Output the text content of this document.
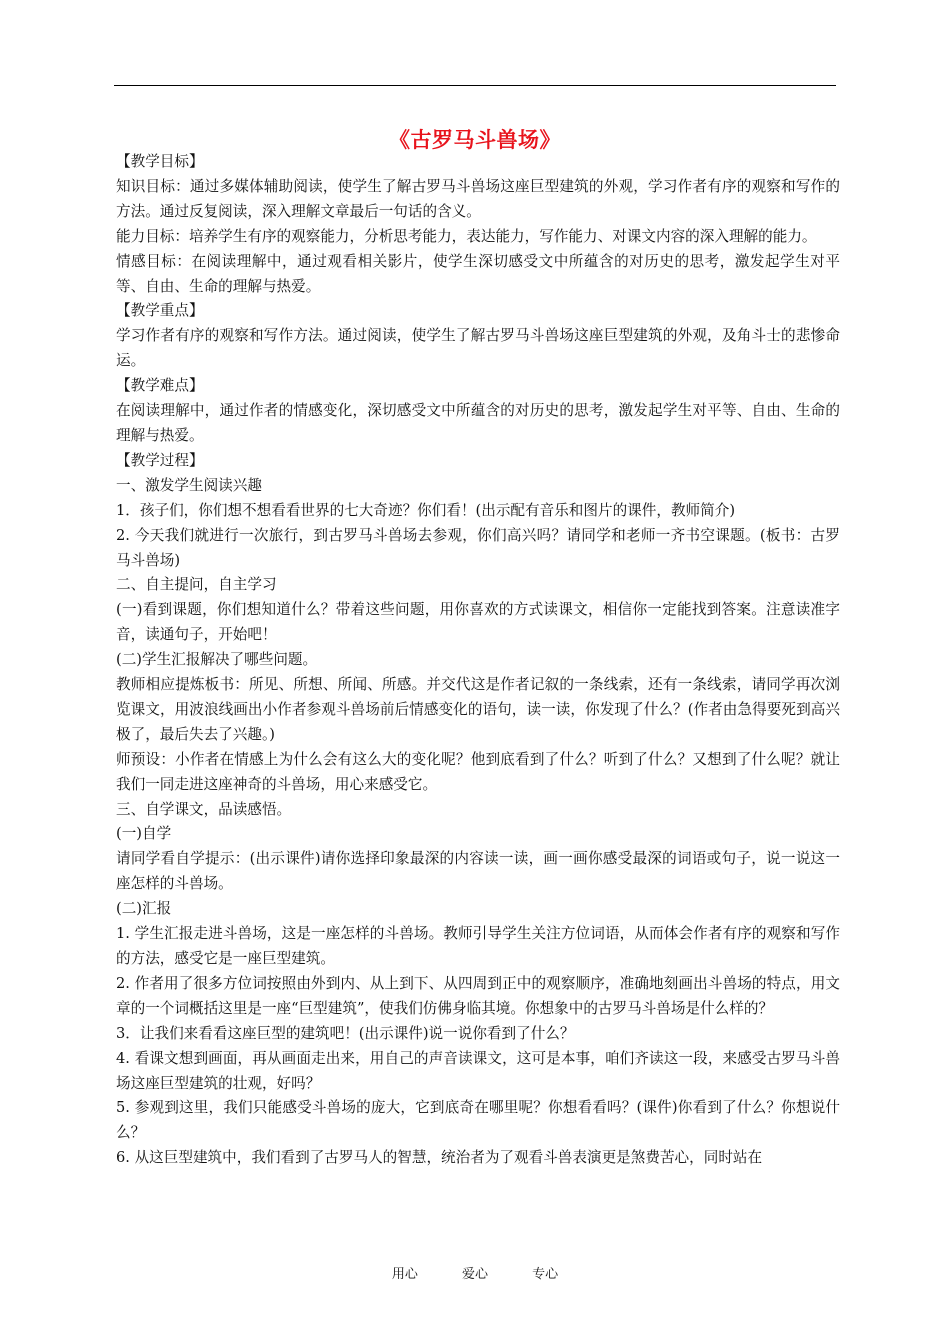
《古罗马斗兽场》

【教学目标】

知识目标：通过多媒体辅助阅读，使学生了解古罗马斗兽场这座巨型建筑的外观，学习作者有序的观察和写作的方法。通过反复阅读，深入理解文章最后一句话的含义。

能力目标：培养学生有序的观察能力，分析思考能力，表达能力，写作能力、对课文内容的深入理解的能力。

情感目标：在阅读理解中，通过观看相关影片，使学生深切感受文中所蕴含的对历史的思考，激发起学生对平等、自由、生命的理解与热爱。

【教学重点】

学习作者有序的观察和写作方法。通过阅读，使学生了解古罗马斗兽场这座巨型建筑的外观，及角斗士的悲惨命运。

【教学难点】

在阅读理解中，通过作者的情感变化，深切感受文中所蕴含的对历史的思考，激发起学生对平等、自由、生命的理解与热爱。

【教学过程】

一、激发学生阅读兴趣

1．孩子们，你们想不想看看世界的七大奇迹？你们看！(出示配有音乐和图片的课件，教师简介)

2. 今天我们就进行一次旅行，到古罗马斗兽场去参观，你们高兴吗？请同学和老师一齐书空课题。(板书：古罗马斗兽场)

二、自主提问，自主学习

(一)看到课题，你们想知道什么？带着这些问题，用你喜欢的方式读课文，相信你一定能找到答案。注意读准字音，读通句子，开始吧！

(二)学生汇报解决了哪些问题。

教师相应提炼板书：所见、所想、所闻、所感。并交代这是作者记叙的一条线索，还有一条线索，请同学再次浏览课文，用波浪线画出小作者参观斗兽场前后情感变化的语句，读一读，你发现了什么？(作者由急得要死到高兴极了，最后失去了兴趣。)

师预设：小作者在情感上为什么会有这么大的变化呢？他到底看到了什么？听到了什么？又想到了什么呢？就让我们一同走进这座神奇的斗兽场，用心来感受它。

三、自学课文，品读感悟。

(一)自学

请同学看自学提示：(出示课件)请你选择印象最深的内容读一读，画一画你感受最深的词语或句子，说一说这一座怎样的斗兽场。

(二)汇报

1. 学生汇报走进斗兽场，这是一座怎样的斗兽场。教师引导学生关注方位词语，从而体会作者有序的观察和写作的方法，感受它是一座巨型建筑。

2. 作者用了很多方位词按照由外到内、从上到下、从四周到正中的观察顺序，准确地刻画出斗兽场的特点，用文章的一个词概括这里是一座“巨型建筑”，使我们仿佛身临其境。你想象中的古罗马斗兽场是什么样的？

3．让我们来看看这座巨型的建筑吧！(出示课件)说一说你看到了什么？

4. 看课文想到画面，再从画面走出来，用自己的声音读课文，这可是本事，咱们齐读这一段，来感受古罗马斗兽场这座巨型建筑的壮观，好吗？

5. 参观到这里，我们只能感受斗兽场的庞大，它到底奇在哪里呢？你想看看吗？(课件)你看到了什么？你想说什么？

6. 从这巨型建筑中，我们看到了古罗马人的智慧，统治者为了观看斗兽表演更是煞费苦心，同时站在

用心	爱心	专心
